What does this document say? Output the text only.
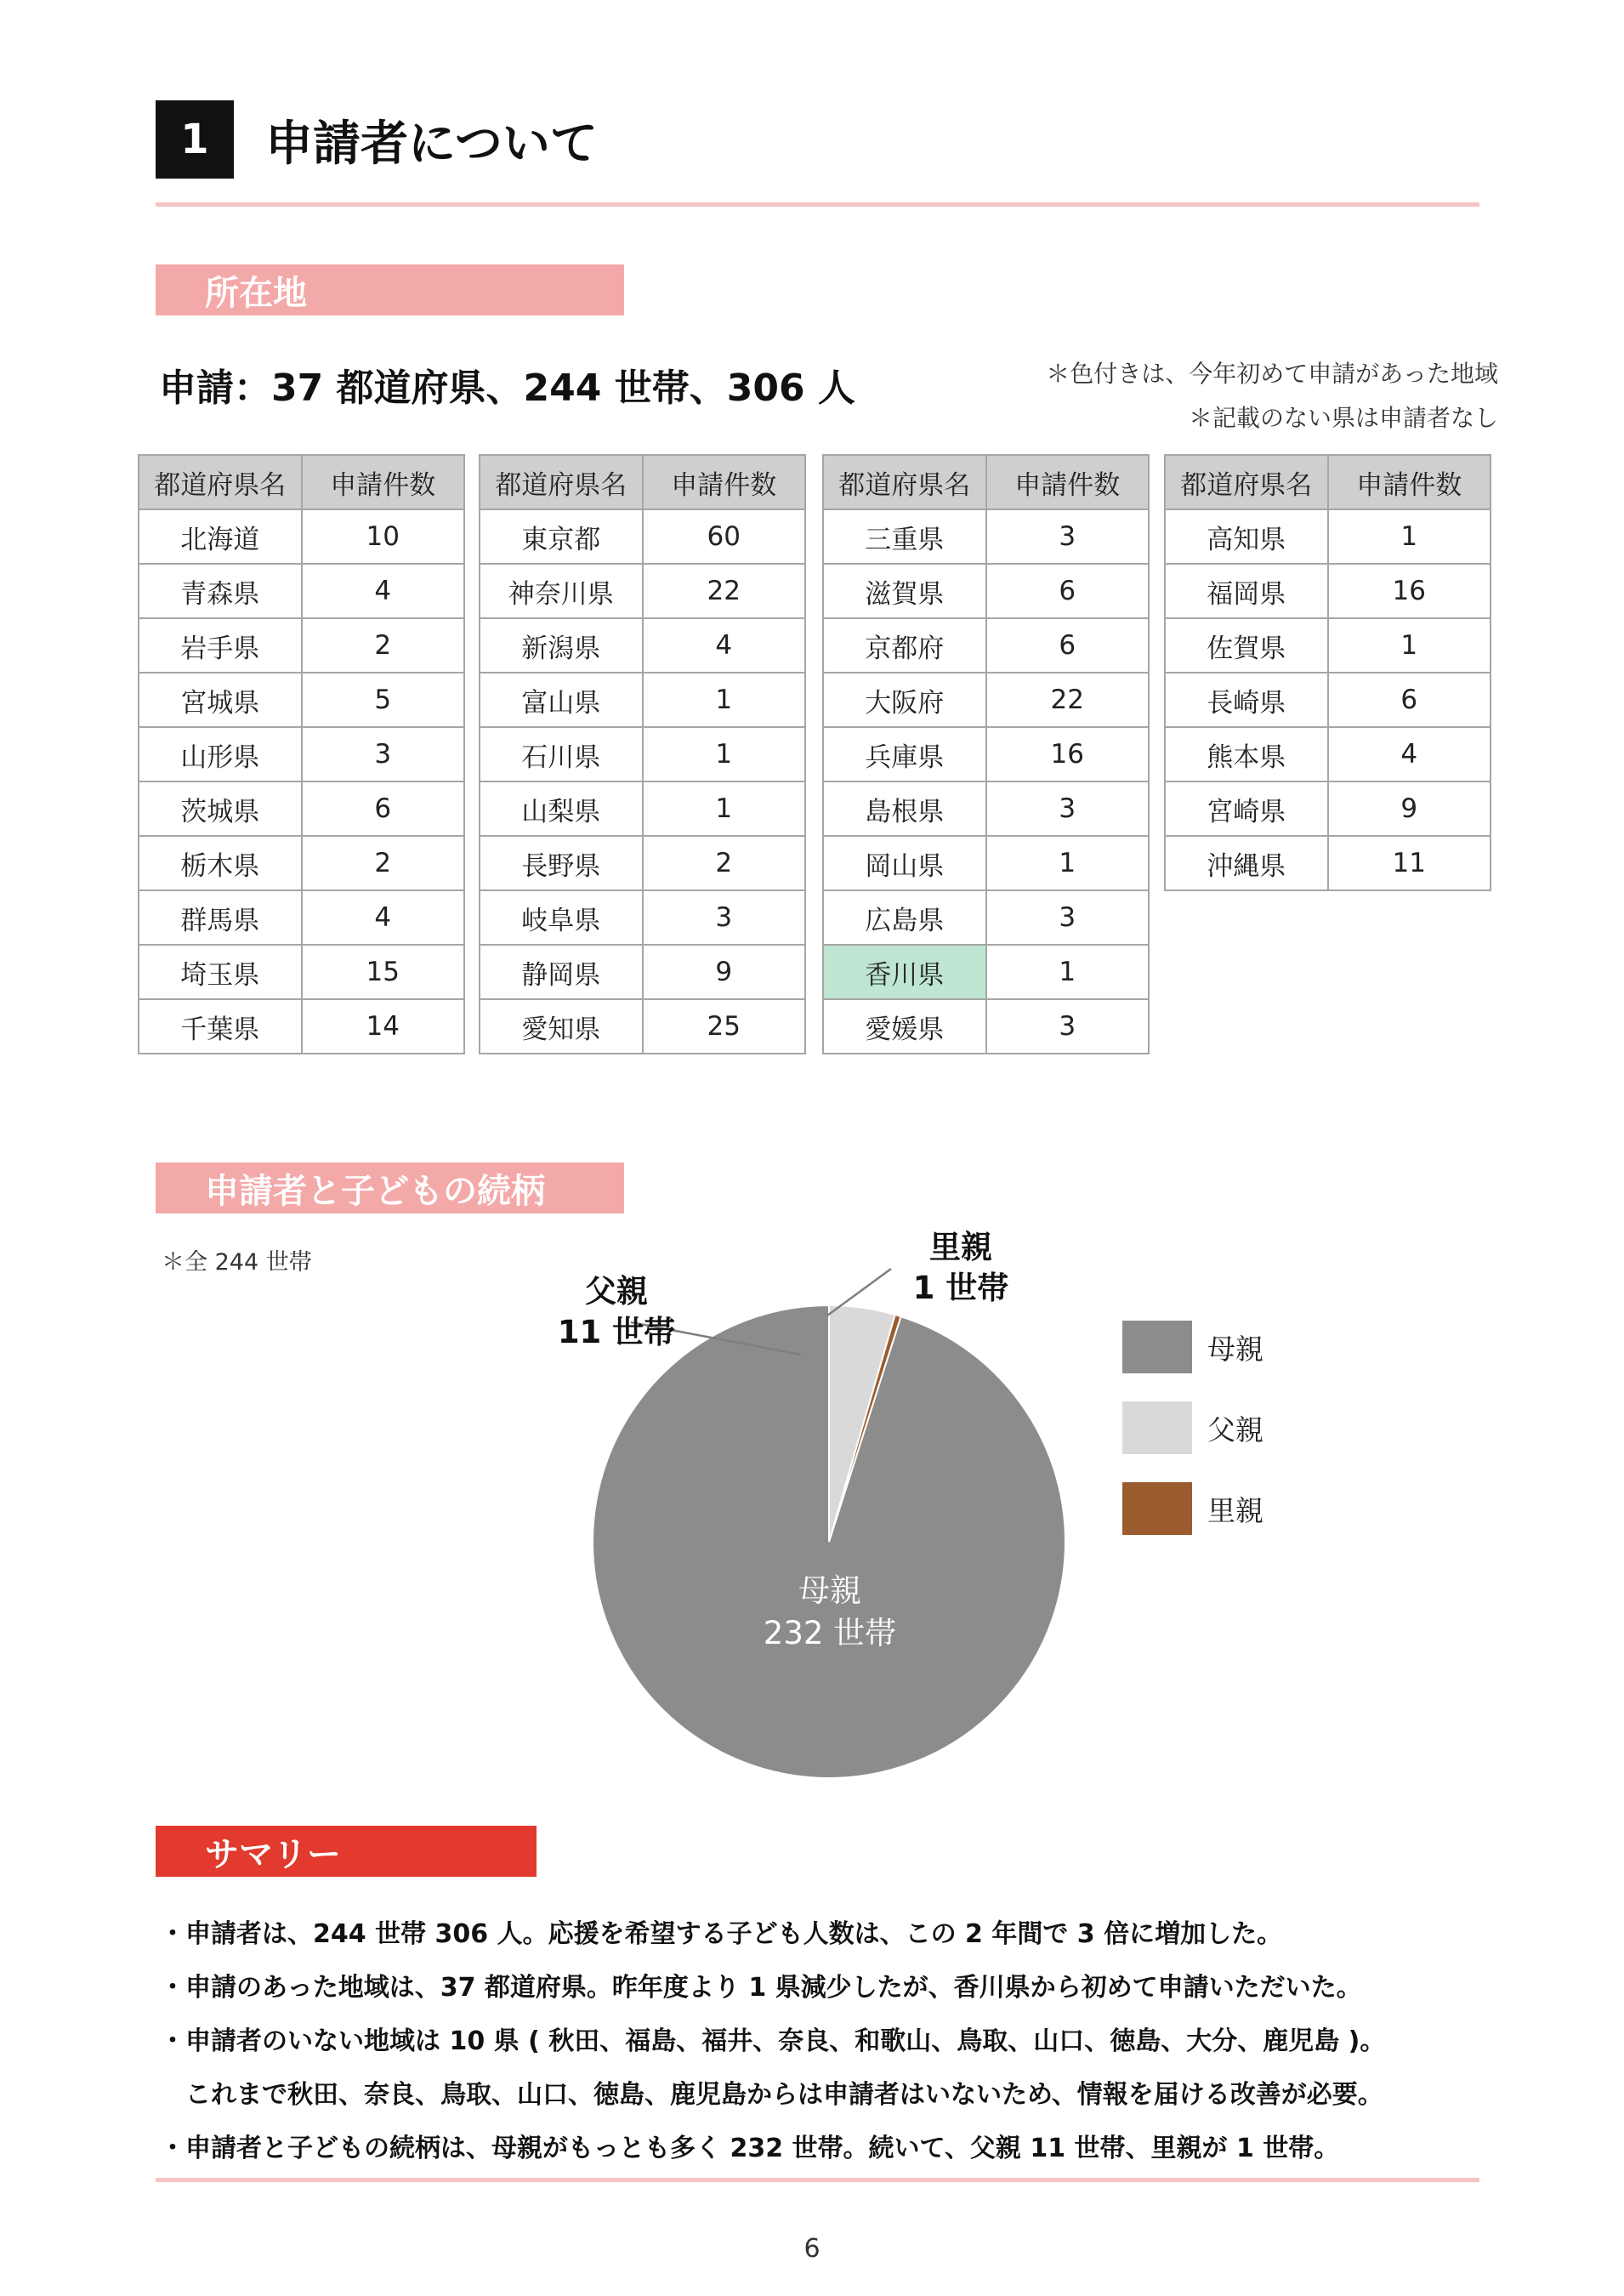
1	申請者について
所在地
申請：37 都道府県、244 世帯、306 人	＊色付きは、今年初めて申請があった地域
＊記載のない県は申請者なし
都道府県名	申請件数
北海道	10
青森県	4
岩手県	2
宮城県	5
山形県	3
茨城県	6
栃木県	2
群馬県	4
埼玉県	15
千葉県	14
都道府県名	申請件数
東京都	60
神奈川県	22
新潟県	4
富山県	1
石川県	1
山梨県	1
長野県	2
岐阜県	3
静岡県	9
愛知県	25
都道府県名	申請件数
三重県	3
滋賀県	6
京都府	6
大阪府	22
兵庫県	16
島根県	3
岡山県	1
広島県	3
香川県	1
愛媛県	3
都道府県名	申請件数
高知県	1
福岡県	16
佐賀県	1
長崎県	6
熊本県	4
宮崎県	9
沖縄県	11
申請者と子どもの続柄
＊全 244 世帯	里親
1 世帯
父親
11 世帯
母親
232 世帯
母親
父親
里親
サマリー
・申請者は、244 世帯 306 人。応援を希望する子ども人数は、この 2 年間で 3 倍に増加した。
・申請のあった地域は、37 都道府県。昨年度より 1 県減少したが、香川県から初めて申請いただいた。
・申請者のいない地域は 10 県 ( 秋田、福島、福井、奈良、和歌山、鳥取、山口、徳島、大分、鹿児島 )。
　これまで秋田、奈良、鳥取、山口、徳島、鹿児島からは申請者はいないため、情報を届ける改善が必要。
・申請者と子どもの続柄は、母親がもっとも多く 232 世帯。続いて、父親 11 世帯、里親が 1 世帯。
6
